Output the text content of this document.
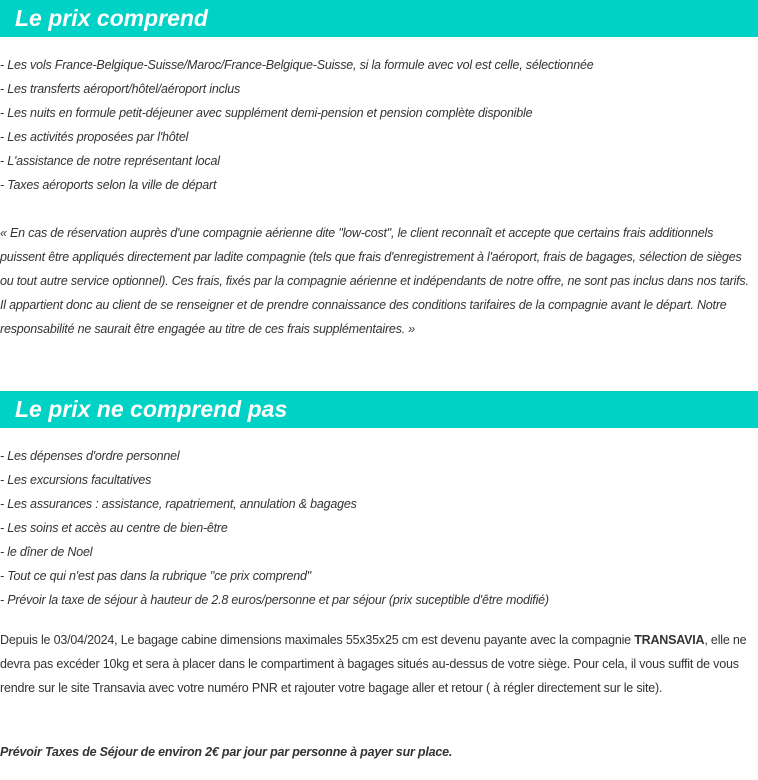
Le prix comprend
- Les vols France-Belgique-Suisse/Maroc/France-Belgique-Suisse, si la formule avec vol est celle, sélectionnée
- Les transferts aéroport/hôtel/aéroport inclus
- Les nuits en formule petit-déjeuner avec supplément demi-pension et pension complète disponible
- Les activités proposées par l'hôtel
- L'assistance de notre représentant local
- Taxes aéroports selon la ville de départ

« En cas de réservation auprès d'une compagnie aérienne dite "low-cost", le client reconnaît et accepte que certains frais additionnels puissent être appliqués directement par ladite compagnie (tels que frais d'enregistrement à l'aéroport, frais de bagages, sélection de sièges ou tout autre service optionnel). Ces frais, fixés par la compagnie aérienne et indépendants de notre offre, ne sont pas inclus dans nos tarifs. Il appartient donc au client de se renseigner et de prendre connaissance des conditions tarifaires de la compagnie avant le départ. Notre responsabilité ne saurait être engagée au titre de ces frais supplémentaires. »

Le prix ne comprend pas
- Les dépenses d'ordre personnel
- Les excursions facultatives
- Les assurances : assistance, rapatriement, annulation & bagages
- Les soins et accès au centre de bien-être
- le dîner de Noel
- Tout ce qui n'est pas dans la rubrique "ce prix comprend"
- Prévoir la taxe de séjour à hauteur de 2.8 euros/personne et par séjour (prix suceptible d'être modifié)

Depuis le 03/04/2024, Le bagage cabine dimensions maximales 55x35x25 cm est devenu payante avec la compagnie TRANSAVIA, elle ne devra pas excéder 10kg et sera à placer dans le compartiment à bagages situés au-dessus de votre siège. Pour cela, il vous suffit de vous rendre sur le site Transavia avec votre numéro PNR et rajouter votre bagage aller et retour ( à régler directement sur le site).

Prévoir Taxes de Séjour de environ 2€ par jour par personne à payer sur place.
